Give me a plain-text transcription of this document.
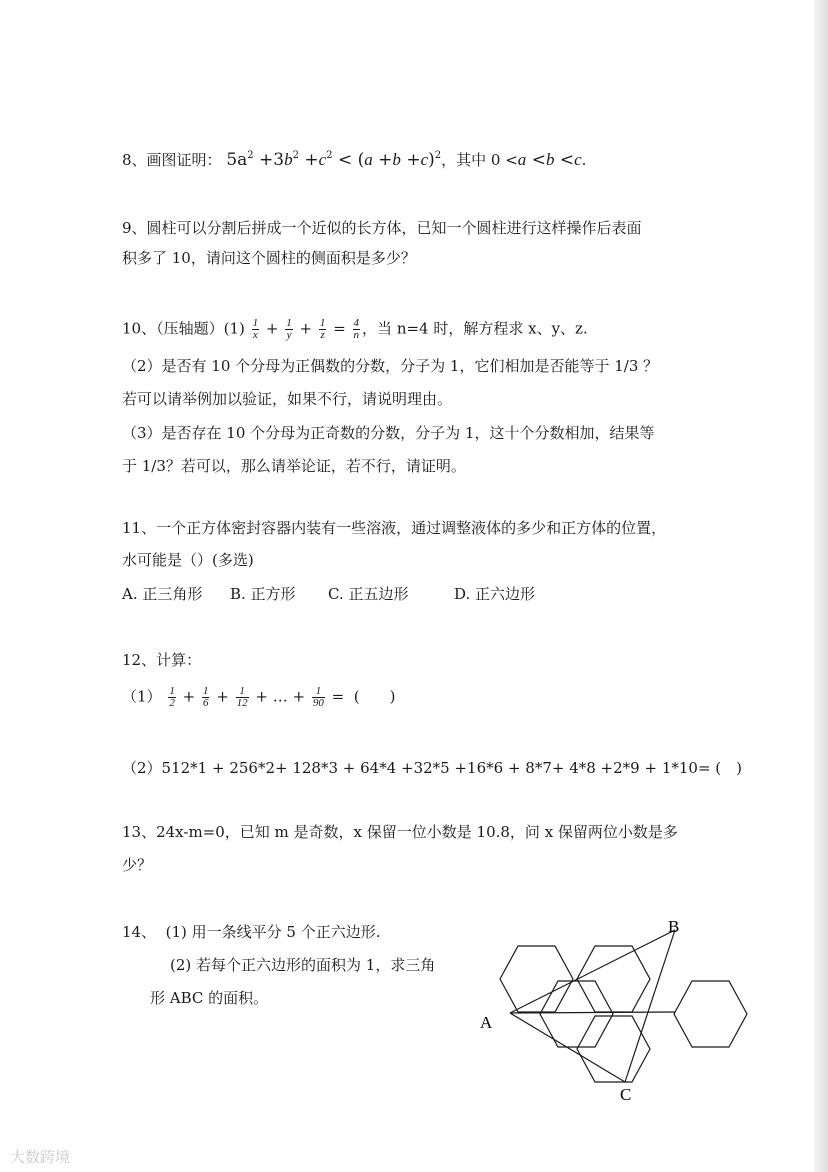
8、画图证明： $5a^2 +3b^2 +c^2 < (a +b +c)^2$，其中 0 <a <b <c.
9、圆柱可以分割后拼成一个近似的长方体，已知一个圆柱进行这样操作后表面
积多了 10，请问这个圆柱的侧面积是多少？
10、（压轴题）$(1) \frac{1}{x} + \frac{1}{y} + \frac{1}{z} = \frac{4}{n}$ ，当 n=4 时，解方程求 x、y、z.
（2）是否有 10 个分母为正偶数的分数，分子为 1，它们相加是否能等于 1/3 ？
若可以请举例加以验证，如果不行，请说明理由。
（3）是否存在 10 个分母为正奇数的分数，分子为 1，这十个分数相加，结果等
于 1/3？若可以，那么请举论证，若不行，请证明。
11、一个正方体密封容器内装有一些溶液，通过调整液体的多少和正方体的位置，
水可能是（）(多选)
A. 正三角形 B. 正方形 C. 正五边形	D. 正六边形
12、计算：
$(1) \frac{1}{2} + \frac{1}{6} + \frac{1}{12}$ + … + $\frac{1}{90}$ = (　　)
（2）512*1 + 256*2+ 128*3 + 64*4 +32*5 +16*6 + 8*7+ 4*8 +2*9 + 1*10= (　)
13、24x-m=0，已知 m 是奇数，x 保留一位小数是 10.8，问 x 保留两位小数是多
少？
14、 (1) 用一条线平分 5 个正六边形.
(2) 若每个正六边形的面积为 1，求三角
形 ABC 的面积。
A
B
C
大数跨境
